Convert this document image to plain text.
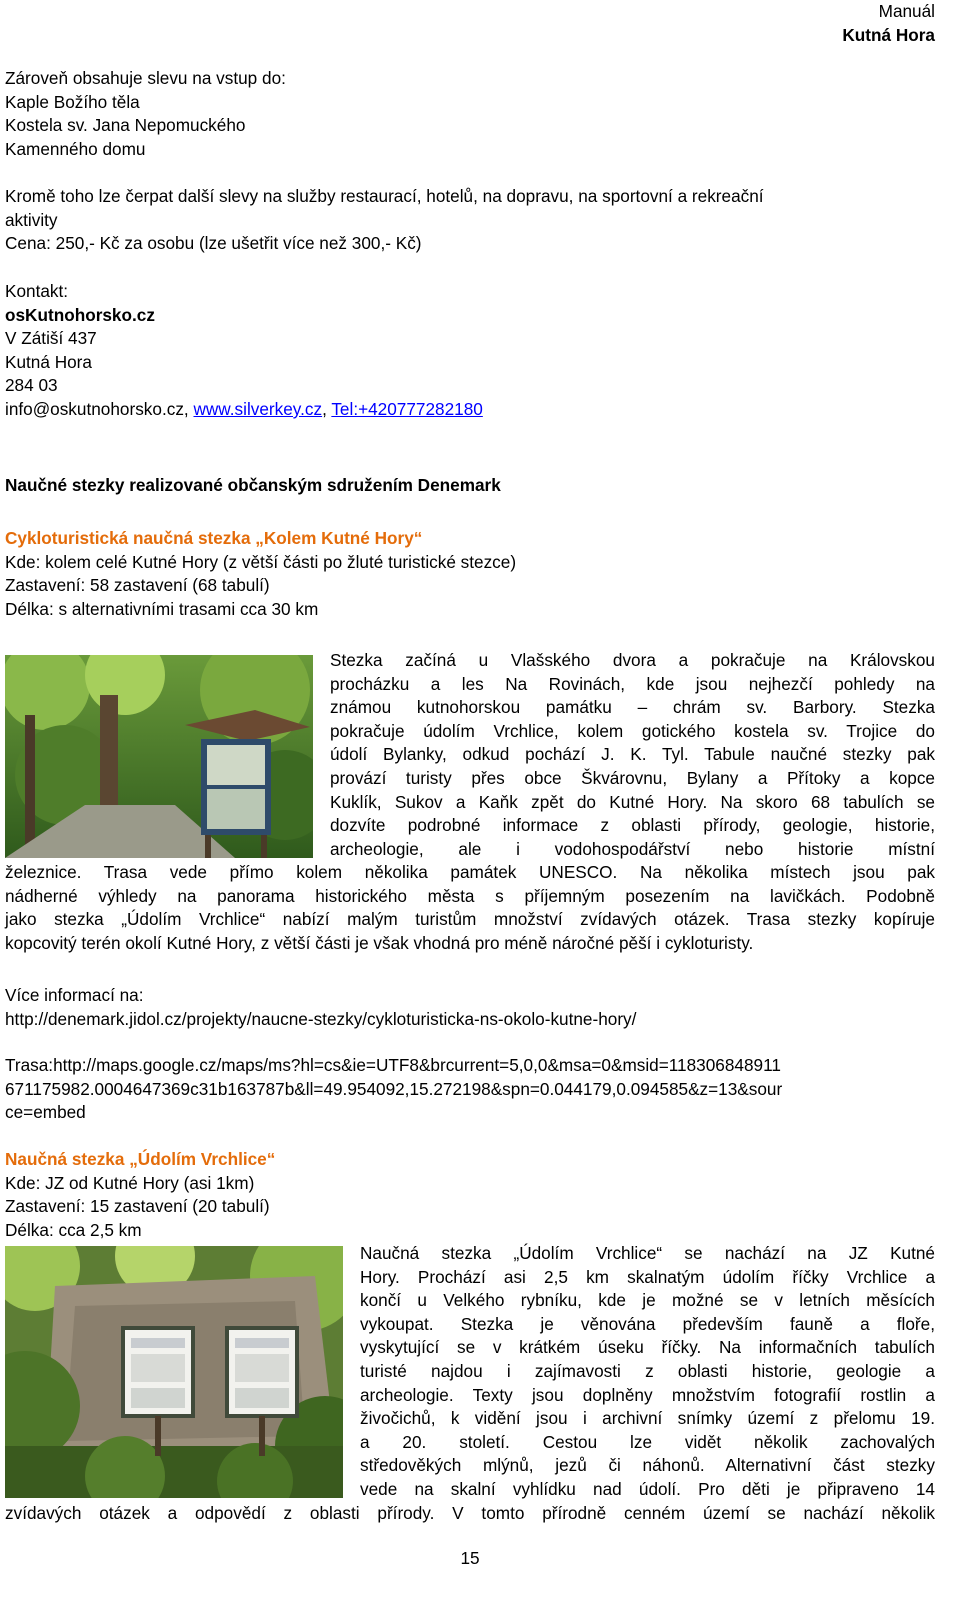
Manuál
Kutná Hora
Zároveň obsahuje slevu na vstup do:
Kaple Božího těla
Kostela sv. Jana Nepomuckého
Kamenného domu
Kromě toho lze čerpat další slevy na služby restaurací, hotelů, na dopravu, na sportovní a rekreační
aktivity
Cena: 250,- Kč za osobu (lze ušetřit více než 300,- Kč)
Kontakt:
osKutnohorsko.cz
V Zátiší 437
Kutná Hora
284 03
info@oskutnohorsko.cz, www.silverkey.cz, Tel:+420777282180
Naučné stezky realizované občanským sdružením Denemark
Cykloturistická naučná stezka „Kolem Kutné Hory“
Kde: kolem celé Kutné Hory (z větší části po žluté turistické stezce)
Zastavení: 58 zastavení (68 tabulí)
Délka: s alternativními trasami cca 30 km
Stezka začíná u Vlašského dvora a pokračuje na Královskou
procházku a les Na Rovinách, kde jsou nejhezčí pohledy na
známou kutnohorskou památku – chrám sv. Barbory. Stezka
pokračuje údolím Vrchlice, kolem gotického kostela sv. Trojice do
údolí Bylanky, odkud pochází J. K. Tyl. Tabule naučné stezky pak
provází turisty přes obce Škvárovnu, Bylany a Přítoky a kopce
Kuklík, Sukov a Kaňk zpět do Kutné Hory. Na skoro 68 tabulích se
dozvíte podrobné informace z oblasti přírody, geologie, historie,
archeologie, ale i vodohospodářství nebo historie místní
železnice. Trasa vede přímo kolem několika památek UNESCO. Na několika místech jsou pak
nádherné výhledy na panorama historického města s příjemným posezením na lavičkách. Podobně
jako stezka „Údolím Vrchlice“ nabízí malým turistům množství zvídavých otázek. Trasa stezky kopíruje
kopcovitý terén okolí Kutné Hory, z větší části je však vhodná pro méně náročné pěší i cykloturisty.
Více informací na:
http://denemark.jidol.cz/projekty/naucne-stezky/cykloturisticka-ns-okolo-kutne-hory/
Trasa:http://maps.google.cz/maps/ms?hl=cs&ie=UTF8&brcurrent=5,0,0&msa=0&msid=118306848911
671175982.0004647369c31b163787b&ll=49.954092,15.272198&spn=0.044179,0.094585&z=13&sour
ce=embed
Naučná stezka „Údolím Vrchlice“
Kde: JZ od Kutné Hory (asi 1km)
Zastavení: 15 zastavení (20 tabulí)
Délka: cca 2,5 km
Naučná stezka „Údolím Vrchlice“ se nachází na JZ Kutné
Hory. Prochází asi 2,5 km skalnatým údolím říčky Vrchlice a
končí u Velkého rybníku, kde je možné se v letních měsících
vykoupat. Stezka je věnována především fauně a floře,
vyskytující se v krátkém úseku říčky. Na informačních tabulích
turisté najdou i zajímavosti z oblasti historie, geologie a
archeologie. Texty jsou doplněny množstvím fotografií rostlin a
živočichů, k vidění jsou i archivní snímky území z přelomu 19.
a 20. století. Cestou lze vidět několik zachovalých
středověkých mlýnů, jezů či náhonů. Alternativní část stezky
vede na skalní vyhlídku nad údolí. Pro děti je připraveno 14
zvídavých otázek a odpovědí z oblasti přírody. V tomto přírodně cenném území se nachází několik
15
